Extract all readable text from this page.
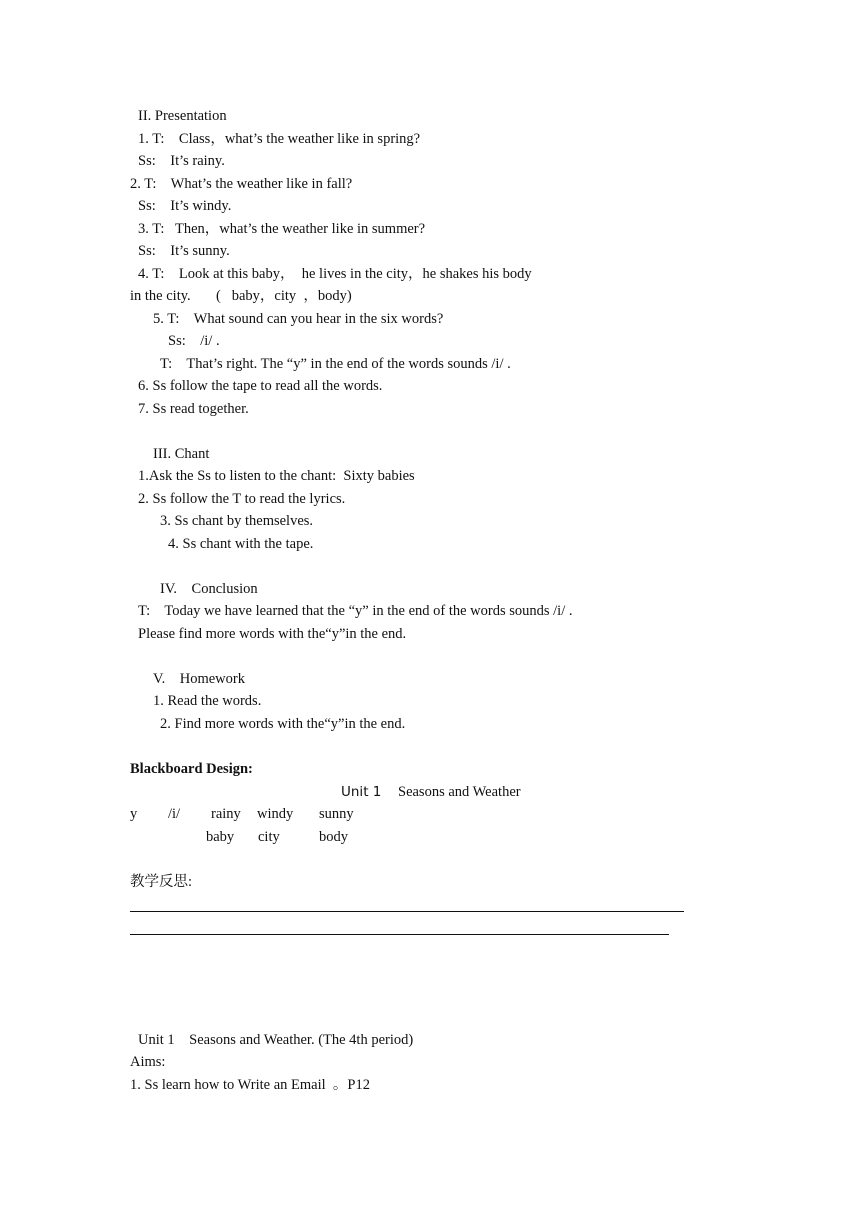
II. Presentation
1. T:    Class，what’s the weather like in spring?
Ss:    It’s rainy.
2. T:    What’s the weather like in fall?
Ss:    It’s windy.
3. T:   Then，what’s the weather like in summer?
Ss:    It’s sunny.
4. T:    Look at this baby，  he lives in the city，he shakes his body
in the city.       (   baby，city  ，body)
5. T:    What sound can you hear in the six words?
Ss:    /i/ .
T:    That’s right. The “y” in the end of the words sounds /i/ .
6. Ss follow the tape to read all the words.
7. Ss read together.
III. Chant
1.Ask the Ss to listen to the chant:  Sixty babies
2. Ss follow the T to read the lyrics.
3. Ss chant by themselves.
4. Ss chant with the tape.
IV.    Conclusion
T:    Today we have learned that the “y” in the end of the words sounds /i/ .
Please find more words with the“y”in the end.
V.    Homework
1. Read the words.
2. Find more words with the“y”in the end.
Blackboard Design:
Unit 1 Seasons and Weather
y /i/ rainy windy sunny
baby city	body
教学反思:
Unit 1    Seasons and Weather. (The 4th period)
Aims:
1. Ss learn how to Write an Email  。P12
